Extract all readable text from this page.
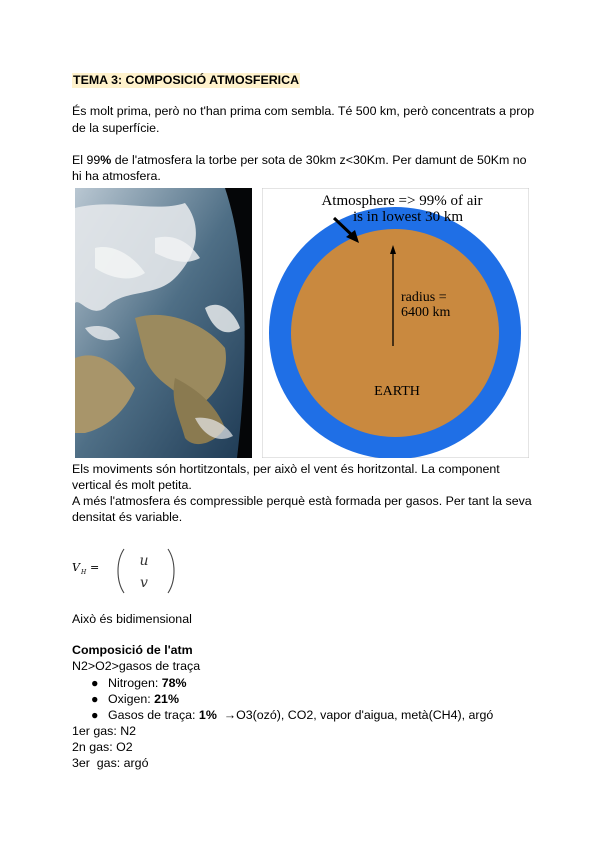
TEMA 3: COMPOSICIÓ ATMOSFERICA
És molt prima, però no t'han prima com sembla. Té 500 km, però concentrats a prop
de la superfície.
El 99% de l'atmosfera la torbe per sota de 30km z<30Km. Per damunt de 50Km no
hi ha atmosfera.
Atmosphere => 99% of air
is in lowest 30 km
radius =
6400 km
EARTH
Els moviments són hortitzontals, per això el vent és horitzontal. La component
vertical és molt petita.
A més l'atmosfera és compressible perquè està formada per gasos. Per tant la seva
densitat és variable.
V H =	u
v
Això és bidimensional
Composició de l'atm
N2>O2>gasos de traça
● Nitrogen: 78%
● Oxigen: 21%
● Gasos de traça: 1%  →O3(ozó), CO2, vapor d'aigua, metà(CH4), argó
1er gas: N2
2n gas: O2
3er  gas: argó
